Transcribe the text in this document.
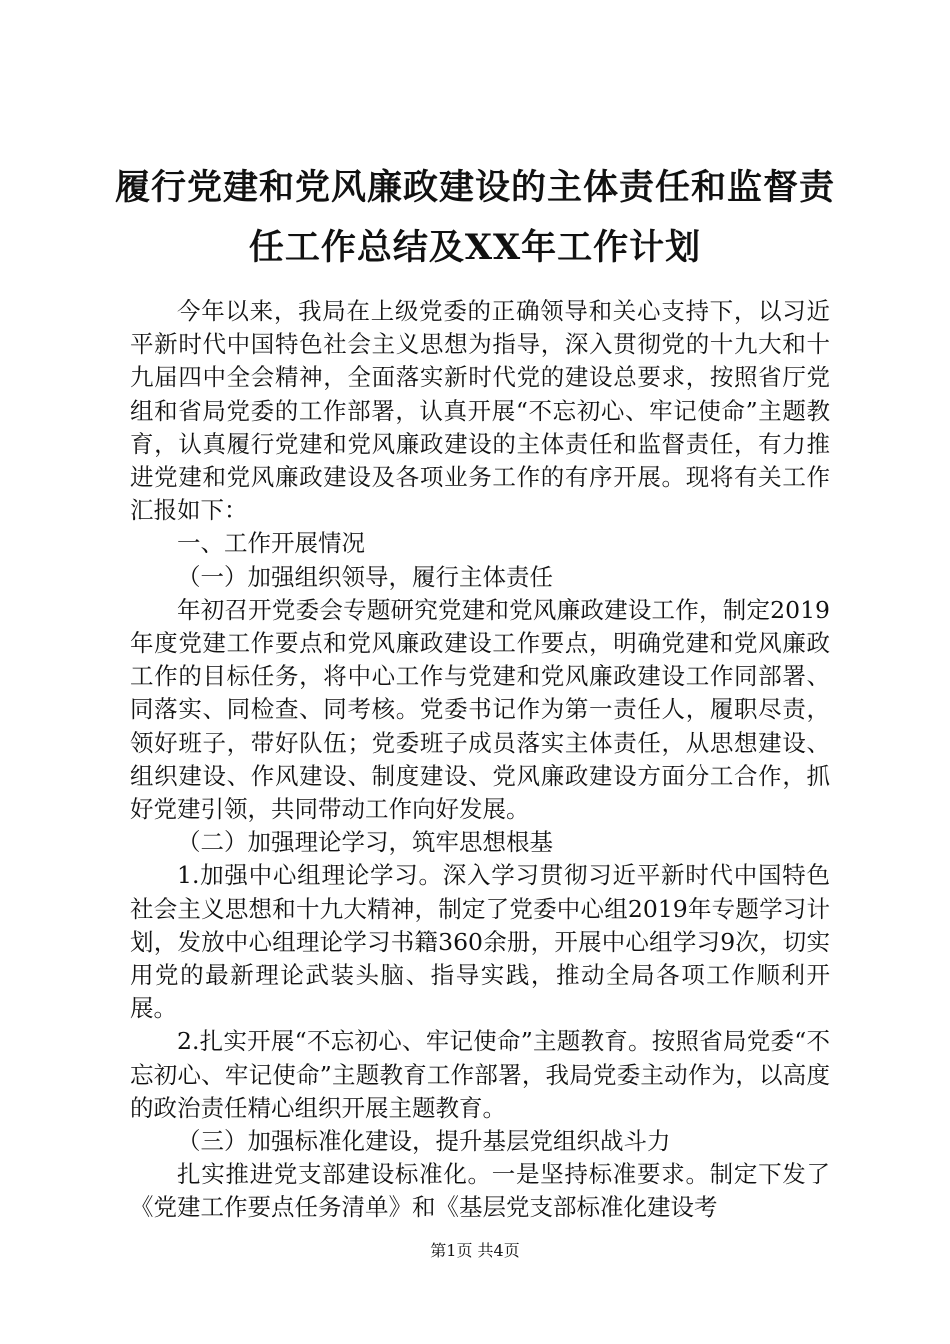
履行党建和党风廉政建设的主体责任和监督责任工作总结及XX年工作计划

今年以来，我局在上级党委的正确领导和关心支持下，以习近平新时代中国特色社会主义思想为指导，深入贯彻党的十九大和十九届四中全会精神，全面落实新时代党的建设总要求，按照省厅党组和省局党委的工作部署，认真开展“不忘初心、牢记使命”主题教育，认真履行党建和党风廉政建设的主体责任和监督责任，有力推进党建和党风廉政建设及各项业务工作的有序开展。现将有关工作汇报如下：

一、工作开展情况

（一）加强组织领导，履行主体责任

年初召开党委会专题研究党建和党风廉政建设工作，制定2019年度党建工作要点和党风廉政建设工作要点，明确党建和党风廉政工作的目标任务，将中心工作与党建和党风廉政建设工作同部署、同落实、同检查、同考核。党委书记作为第一责任人，履职尽责，领好班子，带好队伍；党委班子成员落实主体责任，从思想建设、组织建设、作风建设、制度建设、党风廉政建设方面分工合作，抓好党建引领，共同带动工作向好发展。

（二）加强理论学习，筑牢思想根基

1.加强中心组理论学习。深入学习贯彻习近平新时代中国特色社会主义思想和十九大精神，制定了党委中心组2019年专题学习计划，发放中心组理论学习书籍360余册，开展中心组学习9次，切实用党的最新理论武装头脑、指导实践，推动全局各项工作顺利开展。

2.扎实开展“不忘初心、牢记使命”主题教育。按照省局党委“不忘初心、牢记使命”主题教育工作部署，我局党委主动作为，以高度的政治责任精心组织开展主题教育。

（三）加强标准化建设，提升基层党组织战斗力

扎实推进党支部建设标准化。一是坚持标准要求。制定下发了《党建工作要点任务清单》和《基层党支部标准化建设考

第1页 共4页
